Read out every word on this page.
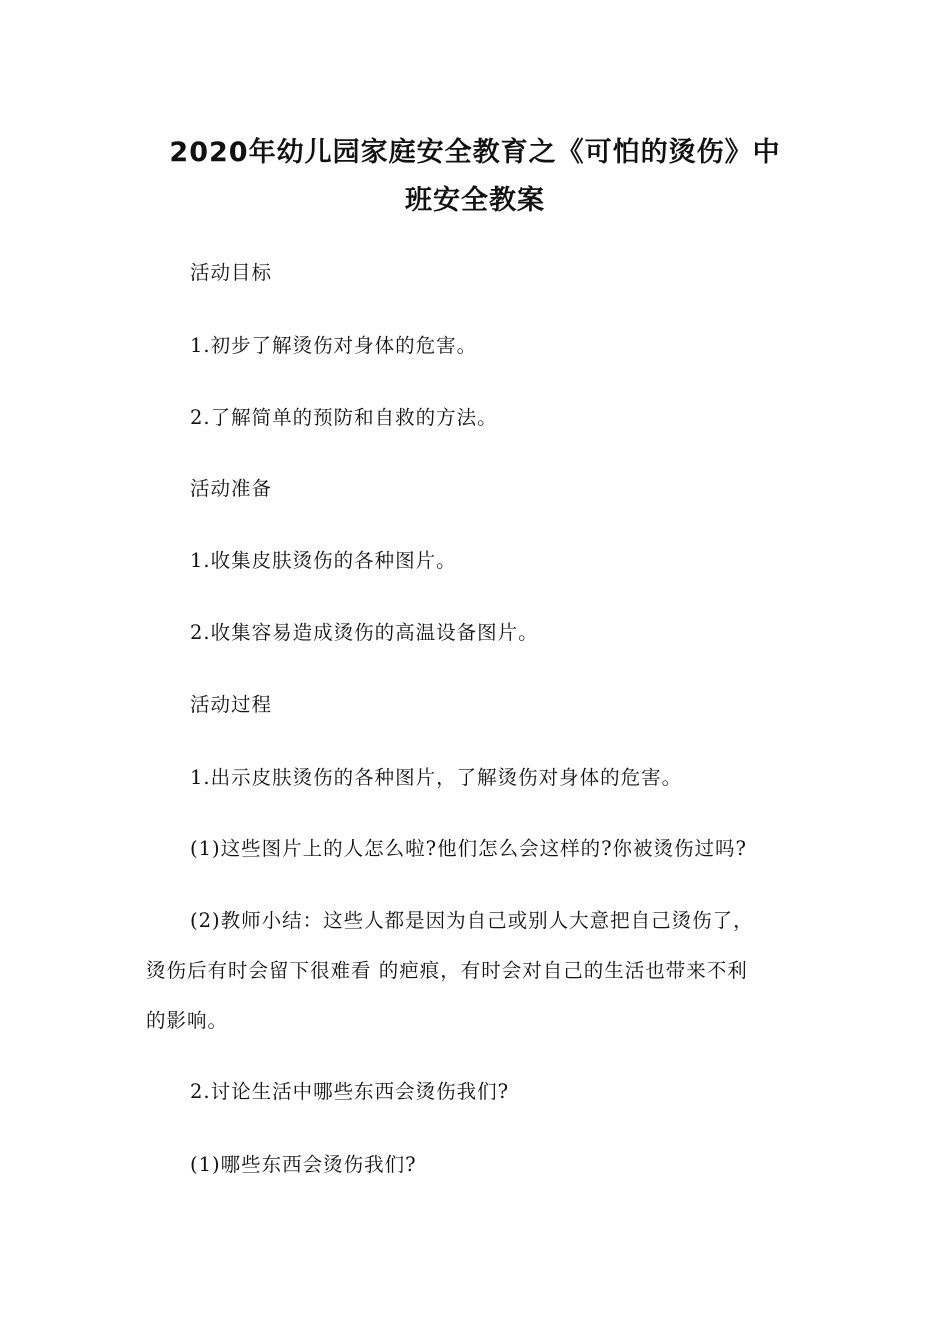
2020年幼儿园家庭安全教育之《可怕的烫伤》中
班安全教案
活动目标
1.初步了解烫伤对身体的危害。
2.了解简单的预防和自救的方法。
活动准备
1.收集皮肤烫伤的各种图片。
2.收集容易造成烫伤的高温设备图片。
活动过程
1.出示皮肤烫伤的各种图片，了解烫伤对身体的危害。
(1)这些图片上的人怎么啦?他们怎么会这样的?你被烫伤过吗?
(2)教师小结：这些人都是因为自己或别人大意把自己烫伤了，
烫伤后有时会留下很难看 的疤痕，有时会对自己的生活也带来不利
的影响。
2.讨论生活中哪些东西会烫伤我们?
(1)哪些东西会烫伤我们?
